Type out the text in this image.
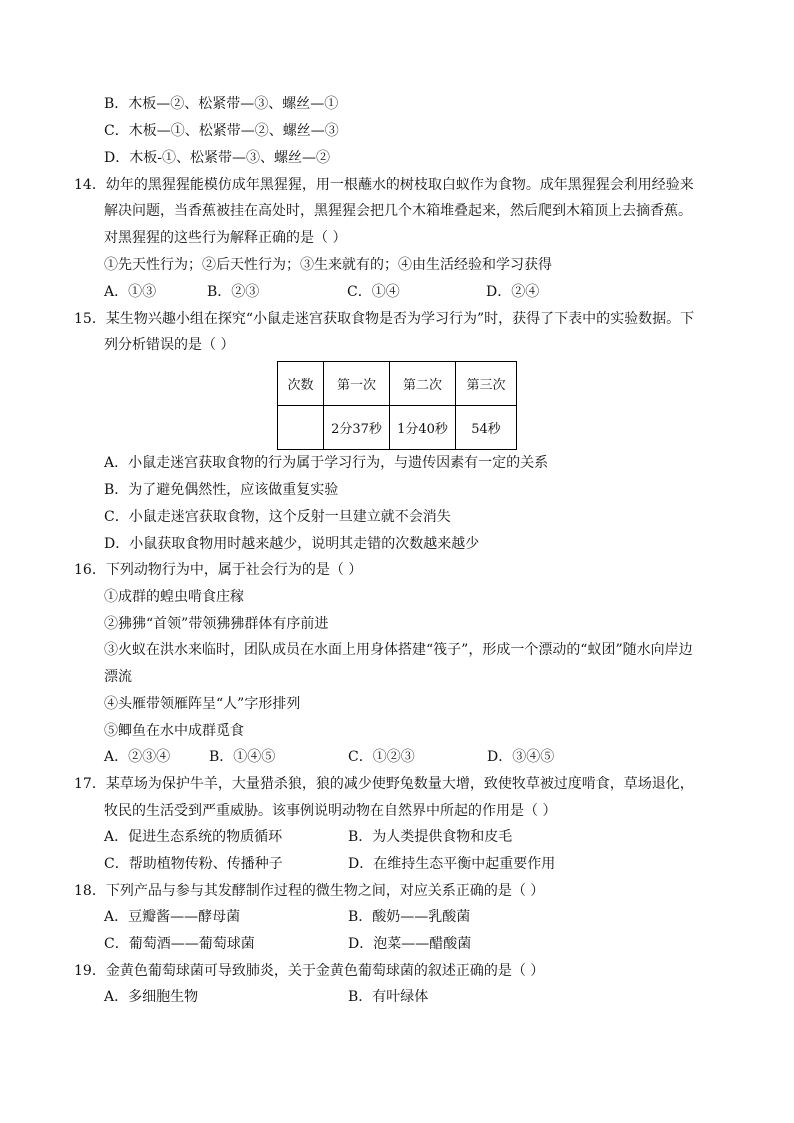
B．木板—②、松紧带—③、螺丝—①
C．木板—①、松紧带—②、螺丝—③
D．木板-①、松紧带—③、螺丝—②
14．幼年的黑猩猩能模仿成年黑猩猩，用一根蘸水的树枝取白蚁作为食物。成年黑猩猩会利用经验来
解决问题，当香蕉被挂在高处时，黑猩猩会把几个木箱堆叠起来，然后爬到木箱顶上去摘香蕉。
对黑猩猩的这些行为解释正确的是（ ）
①先天性行为；②后天性行为；③生来就有的；④由生活经验和学习获得
A．①③	B．②③	C．①④	D．②④
15．某生物兴趣小组在探究“小鼠走迷宫获取食物是否为学习行为”时，获得了下表中的实验数据。下
列分析错误的是（ ）
次数	第一次	第二次	第三次
	2分37秒	1分40秒	54秒
A．小鼠走迷宫获取食物的行为属于学习行为，与遗传因素有一定的关系
B．为了避免偶然性，应该做重复实验
C．小鼠走迷宫获取食物，这个反射一旦建立就不会消失
D．小鼠获取食物用时越来越少，说明其走错的次数越来越少
16．下列动物行为中，属于社会行为的是（ ）
①成群的蝗虫啃食庄稼
②狒狒“首领”带领狒狒群体有序前进
③火蚁在洪水来临时，团队成员在水面上用身体搭建“筏子”，形成一个漂动的“蚁团”随水向岸边
漂流
④头雁带领雁阵呈“人”字形排列
⑤鲫鱼在水中成群觅食
A．②③④	B．①④⑤	C．①②③	D．③④⑤
17．某草场为保护牛羊，大量猎杀狼，狼的减少使野兔数量大增，致使牧草被过度啃食，草场退化，
牧民的生活受到严重威胁。该事例说明动物在自然界中所起的作用是（ ）
A．促进生态系统的物质循环	B．为人类提供食物和皮毛
C．帮助植物传粉、传播种子	D．在维持生态平衡中起重要作用
18．下列产品与参与其发酵制作过程的微生物之间，对应关系正确的是（ ）
A．豆瓣酱——酵母菌	B．酸奶——乳酸菌
C．葡萄酒——葡萄球菌	D．泡菜——醋酸菌
19．金黄色葡萄球菌可导致肺炎，关于金黄色葡萄球菌的叙述正确的是（ ）
A．多细胞生物	B．有叶绿体
